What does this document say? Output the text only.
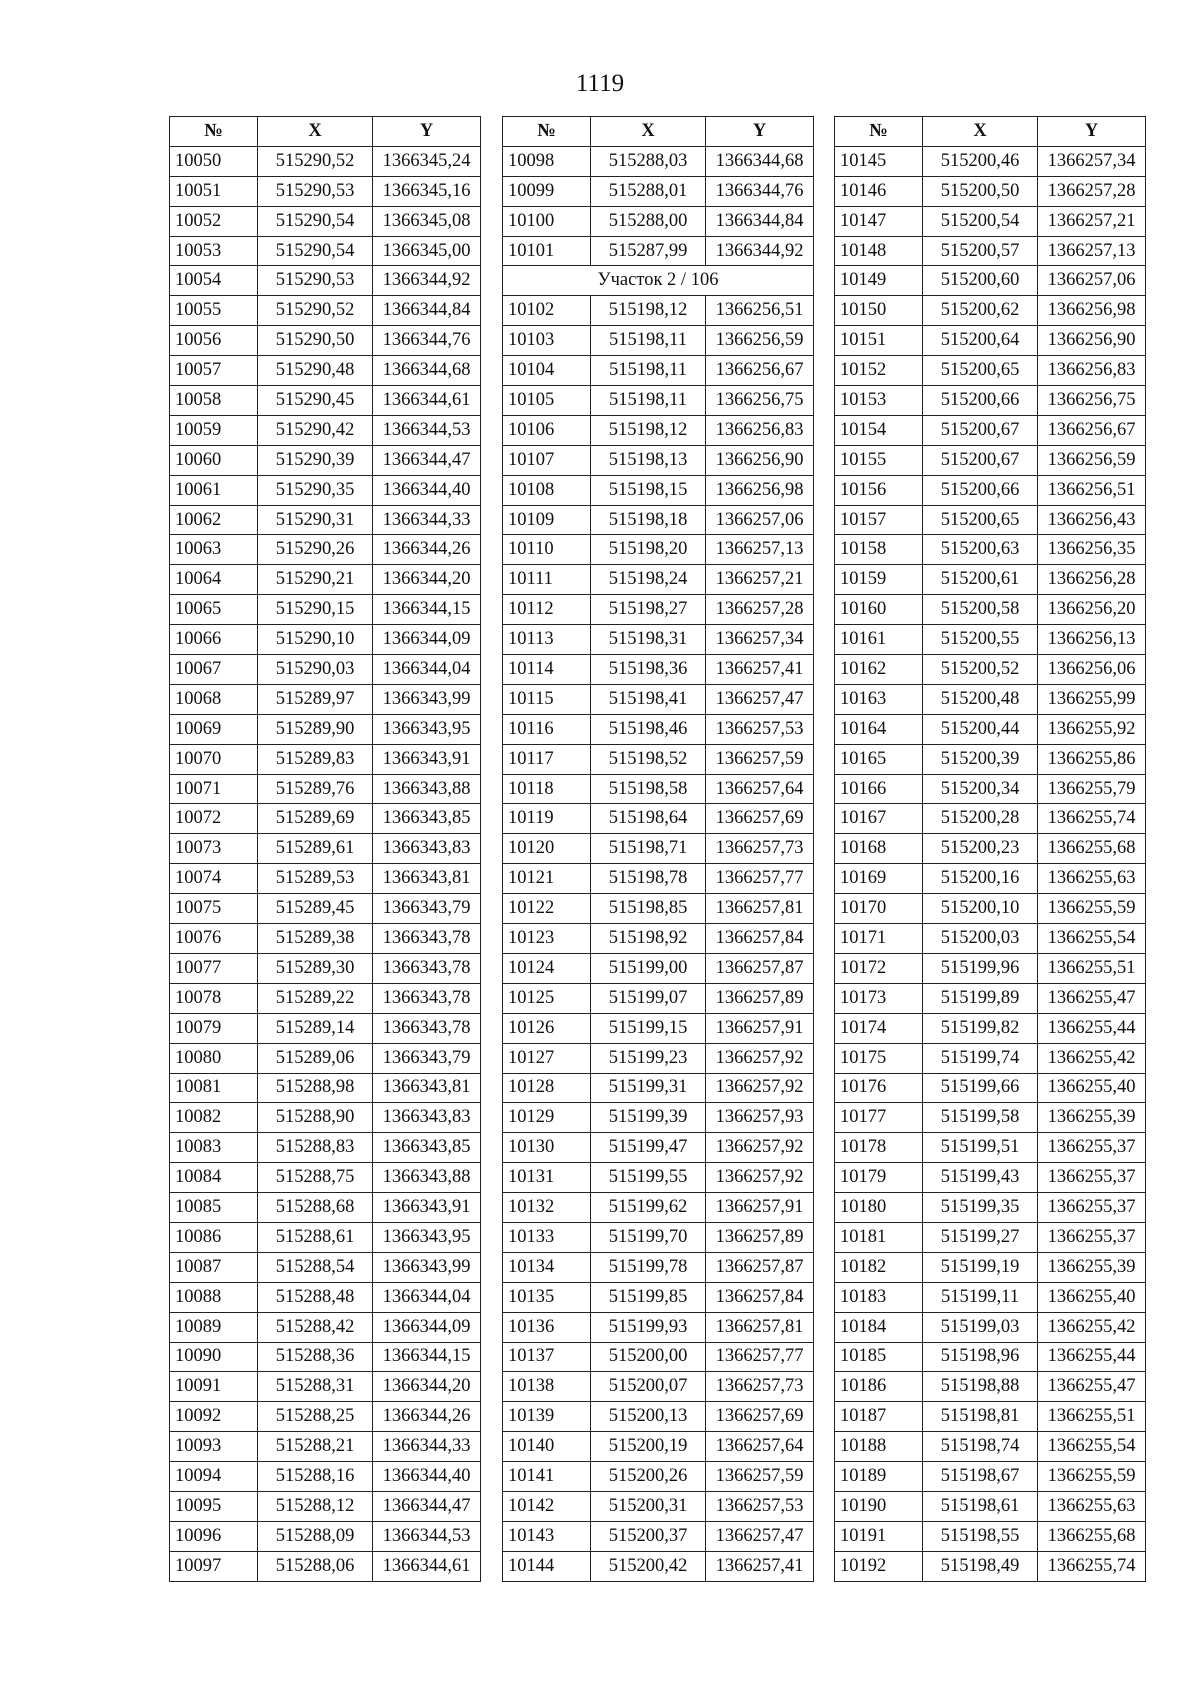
1119
№	X	Y
10050	515290,52	1366345,24
10051	515290,53	1366345,16
10052	515290,54	1366345,08
10053	515290,54	1366345,00
10054	515290,53	1366344,92
10055	515290,52	1366344,84
10056	515290,50	1366344,76
10057	515290,48	1366344,68
10058	515290,45	1366344,61
10059	515290,42	1366344,53
10060	515290,39	1366344,47
10061	515290,35	1366344,40
10062	515290,31	1366344,33
10063	515290,26	1366344,26
10064	515290,21	1366344,20
10065	515290,15	1366344,15
10066	515290,10	1366344,09
10067	515290,03	1366344,04
10068	515289,97	1366343,99
10069	515289,90	1366343,95
10070	515289,83	1366343,91
10071	515289,76	1366343,88
10072	515289,69	1366343,85
10073	515289,61	1366343,83
10074	515289,53	1366343,81
10075	515289,45	1366343,79
10076	515289,38	1366343,78
10077	515289,30	1366343,78
10078	515289,22	1366343,78
10079	515289,14	1366343,78
10080	515289,06	1366343,79
10081	515288,98	1366343,81
10082	515288,90	1366343,83
10083	515288,83	1366343,85
10084	515288,75	1366343,88
10085	515288,68	1366343,91
10086	515288,61	1366343,95
10087	515288,54	1366343,99
10088	515288,48	1366344,04
10089	515288,42	1366344,09
10090	515288,36	1366344,15
10091	515288,31	1366344,20
10092	515288,25	1366344,26
10093	515288,21	1366344,33
10094	515288,16	1366344,40
10095	515288,12	1366344,47
10096	515288,09	1366344,53
10097	515288,06	1366344,61
№	X	Y
10098	515288,03	1366344,68
10099	515288,01	1366344,76
10100	515288,00	1366344,84
10101	515287,99	1366344,92
Участок 2 / 106		
10102	515198,12	1366256,51
10103	515198,11	1366256,59
10104	515198,11	1366256,67
10105	515198,11	1366256,75
10106	515198,12	1366256,83
10107	515198,13	1366256,90
10108	515198,15	1366256,98
10109	515198,18	1366257,06
10110	515198,20	1366257,13
10111	515198,24	1366257,21
10112	515198,27	1366257,28
10113	515198,31	1366257,34
10114	515198,36	1366257,41
10115	515198,41	1366257,47
10116	515198,46	1366257,53
10117	515198,52	1366257,59
10118	515198,58	1366257,64
10119	515198,64	1366257,69
10120	515198,71	1366257,73
10121	515198,78	1366257,77
10122	515198,85	1366257,81
10123	515198,92	1366257,84
10124	515199,00	1366257,87
10125	515199,07	1366257,89
10126	515199,15	1366257,91
10127	515199,23	1366257,92
10128	515199,31	1366257,92
10129	515199,39	1366257,93
10130	515199,47	1366257,92
10131	515199,55	1366257,92
10132	515199,62	1366257,91
10133	515199,70	1366257,89
10134	515199,78	1366257,87
10135	515199,85	1366257,84
10136	515199,93	1366257,81
10137	515200,00	1366257,77
10138	515200,07	1366257,73
10139	515200,13	1366257,69
10140	515200,19	1366257,64
10141	515200,26	1366257,59
10142	515200,31	1366257,53
10143	515200,37	1366257,47
10144	515200,42	1366257,41
№	X	Y
10145	515200,46	1366257,34
10146	515200,50	1366257,28
10147	515200,54	1366257,21
10148	515200,57	1366257,13
10149	515200,60	1366257,06
10150	515200,62	1366256,98
10151	515200,64	1366256,90
10152	515200,65	1366256,83
10153	515200,66	1366256,75
10154	515200,67	1366256,67
10155	515200,67	1366256,59
10156	515200,66	1366256,51
10157	515200,65	1366256,43
10158	515200,63	1366256,35
10159	515200,61	1366256,28
10160	515200,58	1366256,20
10161	515200,55	1366256,13
10162	515200,52	1366256,06
10163	515200,48	1366255,99
10164	515200,44	1366255,92
10165	515200,39	1366255,86
10166	515200,34	1366255,79
10167	515200,28	1366255,74
10168	515200,23	1366255,68
10169	515200,16	1366255,63
10170	515200,10	1366255,59
10171	515200,03	1366255,54
10172	515199,96	1366255,51
10173	515199,89	1366255,47
10174	515199,82	1366255,44
10175	515199,74	1366255,42
10176	515199,66	1366255,40
10177	515199,58	1366255,39
10178	515199,51	1366255,37
10179	515199,43	1366255,37
10180	515199,35	1366255,37
10181	515199,27	1366255,37
10182	515199,19	1366255,39
10183	515199,11	1366255,40
10184	515199,03	1366255,42
10185	515198,96	1366255,44
10186	515198,88	1366255,47
10187	515198,81	1366255,51
10188	515198,74	1366255,54
10189	515198,67	1366255,59
10190	515198,61	1366255,63
10191	515198,55	1366255,68
10192	515198,49	1366255,74
